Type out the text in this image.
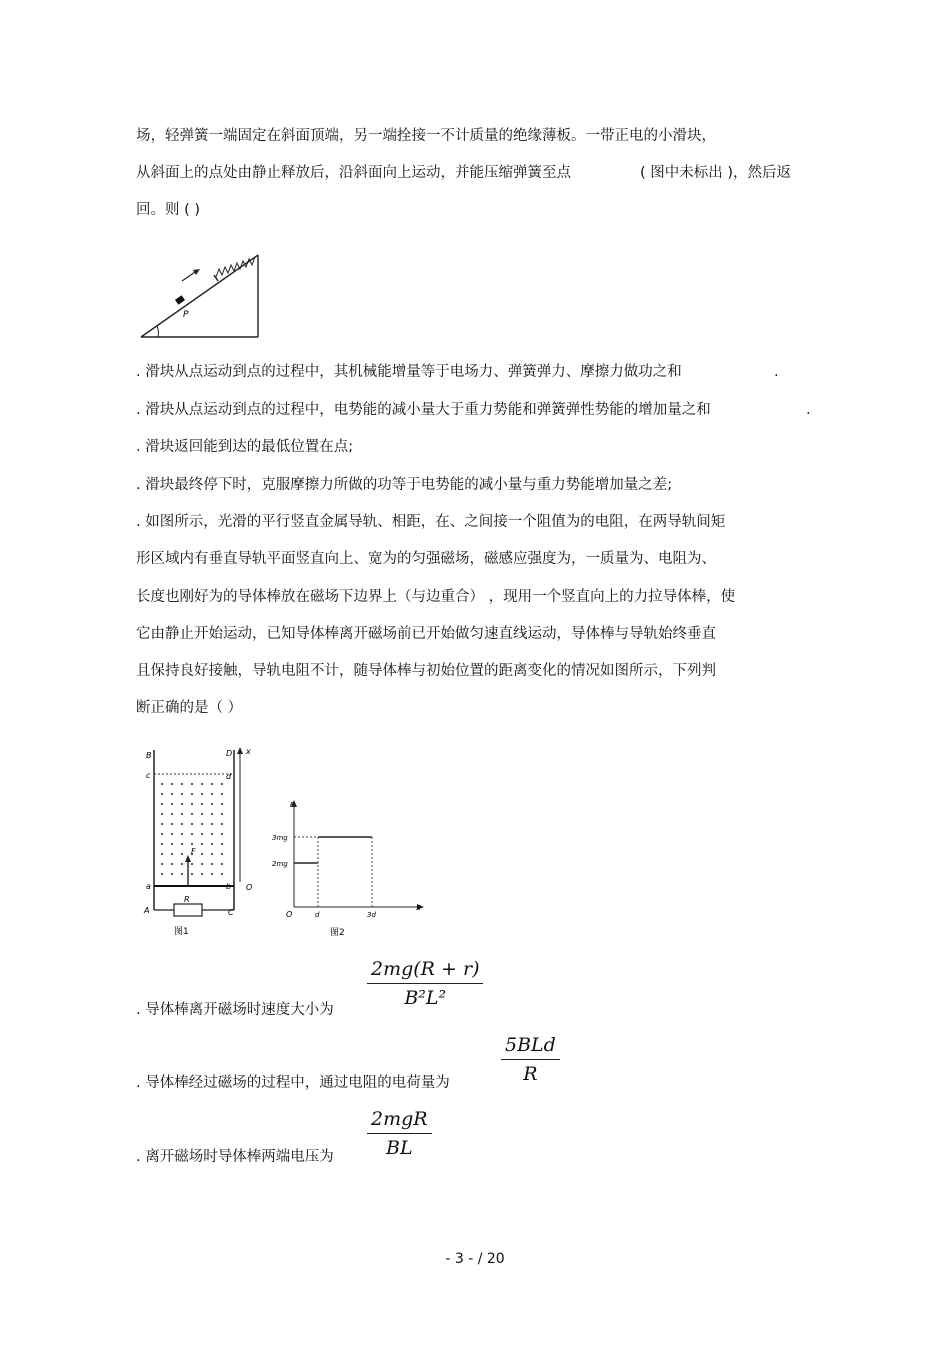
场，轻弹簧一端固定在斜面顶端，另一端拴接一不计质量的绝缘薄板。一带正电的小滑块，
从斜面上的点处由静止释放后，沿斜面向上运动，并能压缩弹簧至点	( 图中未标出 )，然后返
回。则 ( )
P
. 滑块从点运动到点的过程中，其机械能增量等于电场力、弹簧弹力、摩擦力做功之和	.
. 滑块从点运动到点的过程中，电势能的减小量大于重力势能和弹簧弹性势能的增加量之和	.
. 滑块返回能到达的最低位置在点;
. 滑块最终停下时，克服摩擦力所做的功等于电势能的减小量与重力势能增加量之差;
. 如图所示，光滑的平行竖直金属导轨、相距，在、之间接一个阻值为的电阻，在两导轨间矩
形区域内有垂直导轨平面竖直向上、宽为的匀强磁场，磁感应强度为，一质量为、电阻为、
长度也刚好为的导体棒放在磁场下边界上（与边重合） ，现用一个竖直向上的力拉导体棒，使
它由静止开始运动，已知导体棒离开磁场前已开始做匀速直线运动，导体棒与导轨始终垂直
且保持良好接触，导轨电阻不计，随导体棒与初始位置的距离变化的情况如图所示，下列判
断正确的是（ ）
B	D x
c	d
a	b O
A	C
R
F
图1
F
x
O
3mg
2mg
d	3d
图2
. 导体棒离开磁场时速度大小为
$\frac{2mg(R + r)}{\text{B²L²}}$
. 导体棒经过磁场的过程中，通过电阻的电荷量为
5BLd
R
. 离开磁场时导体棒两端电压为
2mgR
BL
- 3 - / 20
